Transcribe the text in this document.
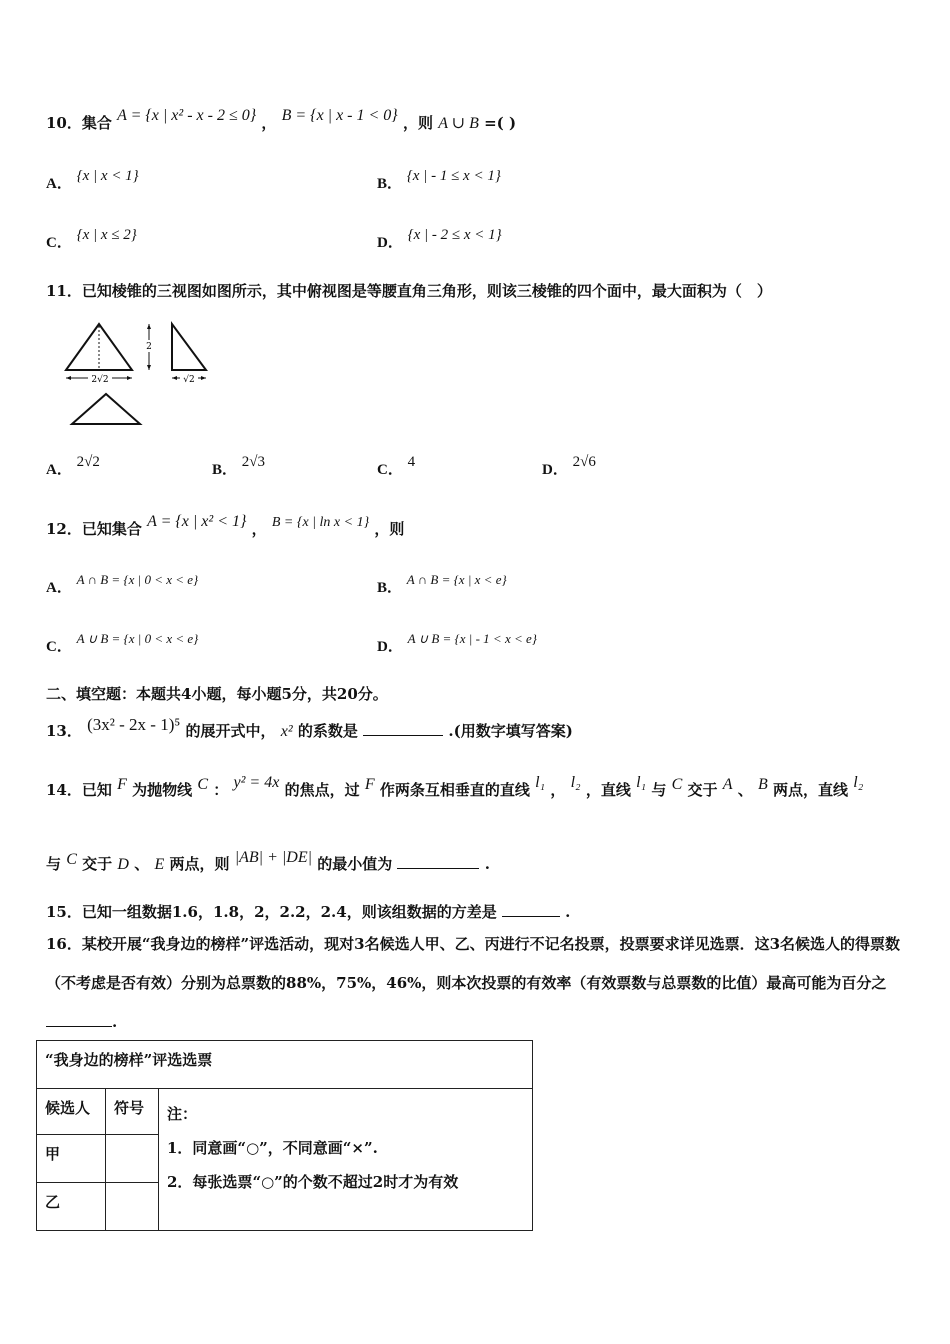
10．集合 A = {x | x² - x - 2 ≤ 0} ， B = {x | x - 1 < 0} ，则 A ∪ B =( )
A． {x | x < 1}	B． {x | - 1 ≤ x < 1}
C． {x | x ≤ 2}	D． {x | - 2 ≤ x < 1}
11．已知棱锥的三视图如图所示，其中俯视图是等腰直角三角形，则该三棱锥的四个面中，最大面积为（　）
2√2
2
√2
A． 2√2	B． 2√3	C． 4	D． 2√6
12．已知集合 A = {x | x² < 1} ， B = {x | ln x < 1} ，则
A． A ∩ B = {x | 0 < x < e}
B． A ∩ B = {x | x < e}
C． A ∪ B = {x | 0 < x < e}
D． A ∪ B = {x | - 1 < x < e}
二、填空题：本题共4小题，每小题5分，共20分。
13． (3x² - 2x - 1)⁵ 的展开式中， x² 的系数是	.(用数字填写答案)
14．已知 F 为抛物线 C ： y² = 4x 的焦点，过 F 作两条互相垂直的直线 l₁ ， l₂ ，直线 l₁ 与 C 交于 A 、 B 两点，直线 l₂
与 C 交于 D 、 E 两点，则 |AB| + |DE| 的最小值为	.
15．已知一组数据1.6，1.8，2，2.2，2.4，则该组数据的方差是	.
16．某校开展“我身边的榜样”评选活动，现对3名候选人甲、乙、丙进行不记名投票，投票要求详见选票．这3名候选人的得票数（不考虑是否有效）分别为总票数的88%，75%，46%，则本次投票的有效率（有效票数与总票数的比值）最高可能为百分之.
“我身边的榜样”评选选票		
候选人	符号	注：
1．同意画“○”，不同意画“×”.
2．每张选票“○”的个数不超过2时才为有效

甲		
乙		
